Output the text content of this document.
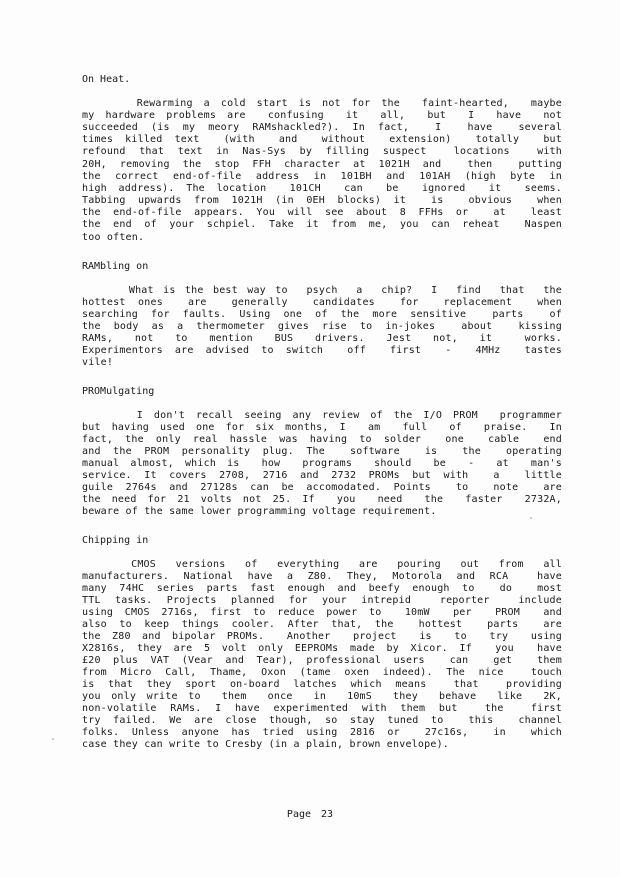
On Heat.
Rewarming a cold start is not for the  faint-hearted,  maybe
my hardware problems are  confusing  it  all,  but  I  have  not
succeeded (is my meory RAMshackled?). In fact,  I  have  several
times killed text  (with  and  without  extension)  totally  but
refound that text in Nas-Sys by filling suspect  locations  with
20H, removing the stop FFH character at 1021H and  then  putting
the correct end-of-file address in 101BH and 101AH (high byte in
high address). The location  101CH  can  be  ignored  it  seems.
Tabbing upwards from 1021H (in 0EH blocks) it  is  obvious  when
the end-of-file appears. You will see about 8 FFHs or  at  least
the end of your schpiel. Take it from me, you can reheat  Naspen
too often.
RAMbling on
What is the best way to  psych  a  chip?  I  find  that  the
hottest ones  are  generally  candidates  for  replacement  when
searching for faults. Using one of the more sensitive  parts  of
the body as a thermometer gives rise to in-jokes  about  kissing
RAMs,  not  to  mention  BUS  drivers.  Jest  not,  it   works.
Experimentors are advised to switch  off  first  -  4MHz  tastes
vile!
PROMulgating
I don't recall seeing any review of the I/O PROM  programmer
but having used one for six months, I  am  full  of  praise.  In
fact, the only real hassle was having to solder  one  cable  end
and the PROM personality plug. The  software  is  the  operating
manual almost, which is  how  programs  should  be  -  at  man's
service. It covers 2708, 2716 and 2732 PROMs but with  a  little
guile 2764s and 27128s can be accomodated. Points  to  note  are
the need for 21 volts not 25. If  you  need  the  faster  2732A,
beware of the same lower programming voltage requirement.
Chipping in
CMOS  versions  of  everything  are  pouring  out  from  all
manufacturers. National have a Z80. They, Motorola and RCA  have
many 74HC series parts fast enough and beefy enough to  do  most
TTL tasks. Projects planned for your intrepid  reporter  include
using CMOS 2716s, first to reduce power to  10mW  per  PROM  and
also to keep things cooler. After that, the  hottest  parts  are
the Z80 and bipolar PROMs.  Another  project  is  to  try  using
X2816s, they are 5 volt only EEPROMs made by Xicor. If  you  have
£20 plus VAT (Vear and Tear), professional users  can  get  them
from Micro Call, Thame, Oxon (tame oxen indeed). The nice  touch
is that they sport on-board latches which means  that  providing
you only write to  them  once  in  10mS  they  behave  like  2K,
non-volatile RAMs. I have experimented with them but  the  first
try failed. We are close though, so stay tuned to  this  channel
folks. Unless anyone has tried using 2816 or  27c16s,  in  which
case they can write to Cresby (in a plain, brown envelope).
Page 23
